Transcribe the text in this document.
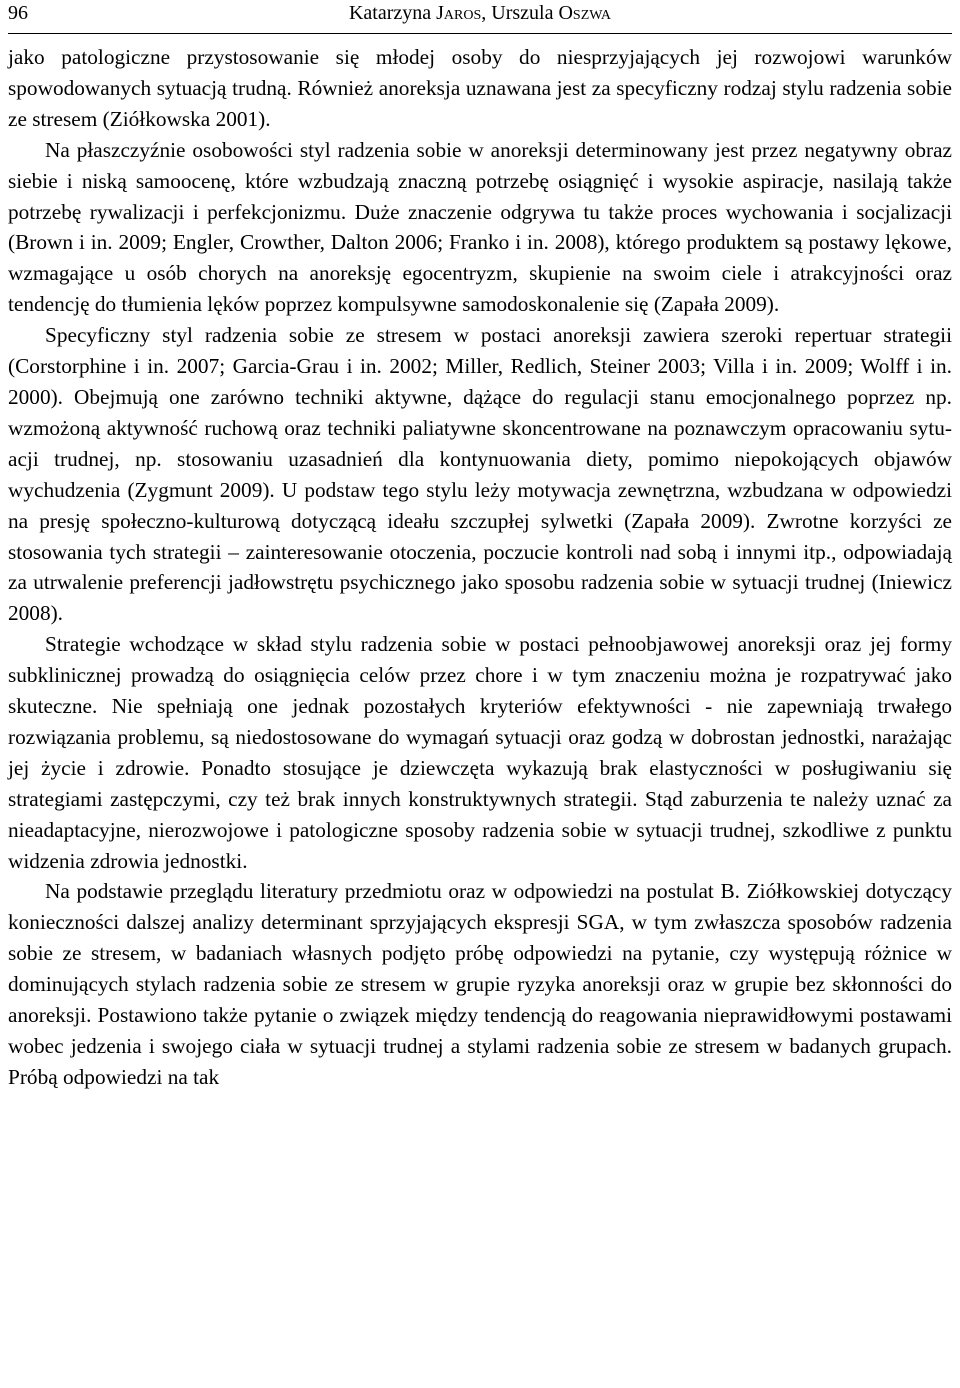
96	Katarzyna Jaros, Urszula Oszwa

jako patologiczne przystosowanie się młodej osoby do niesprzyjających jej rozwojowi warunków spowodowanych sytuacją trudną. Również anoreksja uznawana jest za specyficzny rodzaj stylu radzenia sobie ze stresem (Ziółkowska 2001).

Na płaszczyźnie osobowości styl radzenia sobie w anoreksji determinowany jest przez negatywny obraz siebie i niską samoocenę, które wzbudzają znaczną potrzebę osiągnięć i wysokie aspiracje, nasilają także potrzebę rywalizacji i perfekcjonizmu. Duże znaczenie odgrywa tu także proces wychowania i socjalizacji (Brown i in. 2009; Engler, Crowther, Dalton 2006; Franko i in. 2008), którego produktem są postawy lękowe, wzmagające u osób chorych na anoreksję egocentryzm, skupienie na swoim ciele i atrakcyjności oraz tendencję do tłumienia lęków poprzez kompulsywne samodoskonalenie się (Zapała 2009).

Specyficzny styl radzenia sobie ze stresem w postaci anoreksji zawiera szeroki repertuar strategii (Corstorphine i in. 2007; Garcia-Grau i in. 2002; Miller, Redlich, Steiner 2003; Villa i in. 2009; Wolff i in. 2000). Obejmują one zarówno techniki aktywne, dążące do regulacji stanu emocjonalnego poprzez np. wzmożoną aktywność ruchową oraz techniki paliatywne skoncentrowane na poznawczym opracowaniu sytuacji trudnej, np. stosowaniu uzasadnień dla kontynuowania diety, pomimo niepokojących objawów wychudzenia (Zygmunt 2009). U podstaw tego stylu leży motywacja zewnętrzna, wzbudzana w odpowiedzi na presję społeczno-kulturową dotyczącą ideału szczupłej sylwetki (Zapała 2009). Zwrotne korzyści ze stosowania tych strategii – zainteresowanie otoczenia, poczucie kontroli nad sobą i innymi itp., odpowiadają za utrwalenie preferencji jadłowstrętu psychicznego jako sposobu radzenia sobie w sytuacji trudnej (Iniewicz 2008).

Strategie wchodzące w skład stylu radzenia sobie w postaci pełnoobjawowej anoreksji oraz jej formy subklinicznej prowadzą do osiągnięcia celów przez chore i w tym znaczeniu można je rozpatrywać jako skuteczne. Nie spełniają one jednak pozostałych kryteriów efektywności - nie zapewniają trwałego rozwiązania problemu, są niedostosowane do wymagań sytuacji oraz godzą w dobrostan jednostki, narażając jej życie i zdrowie. Ponadto stosujące je dziewczęta wykazują brak elastyczności w posługiwaniu się strategiami zastępczymi, czy też brak innych konstruktywnych strategii. Stąd zaburzenia te należy uznać za nieadaptacyjne, nierozwojowe i patologiczne sposoby radzenia sobie w sytuacji trudnej, szkodliwe z punktu widzenia zdrowia jednostki.

Na podstawie przeglądu literatury przedmiotu oraz w odpowiedzi na postulat B. Ziółkowskiej dotyczący konieczności dalszej analizy determinant sprzyjających ekspresji SGA, w tym zwłaszcza sposobów radzenia sobie ze stresem, w badaniach własnych podjęto próbę odpowiedzi na pytanie, czy występują różnice w dominujących stylach radzenia sobie ze stresem w grupie ryzyka anoreksji oraz w grupie bez skłonności do anoreksji. Postawiono także pytanie o związek między tendencją do reagowania nieprawidłowymi postawami wobec jedzenia i swojego ciała w sytuacji trudnej a stylami radzenia sobie ze stresem w badanych grupach. Próbą odpowiedzi na tak
